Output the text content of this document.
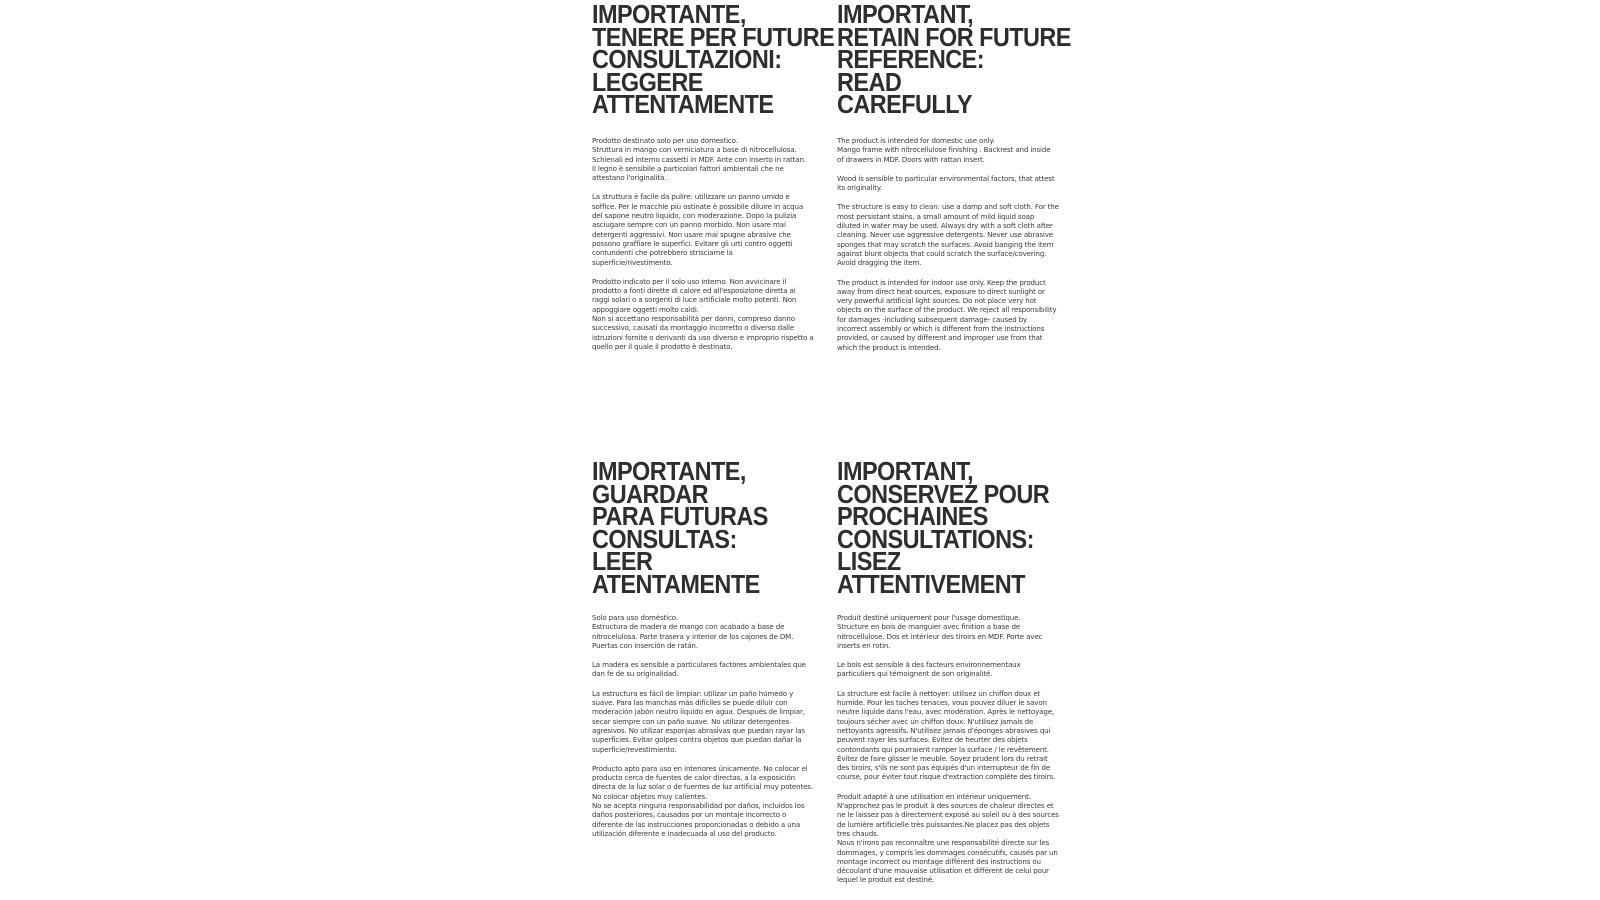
IMPORTANTE,
TENERE PER FUTURE
CONSULTAZIONI:
LEGGERE
ATTENTAMENTE

Prodotto destinato solo per uso domestico.
Struttura in mango con verniciatura a base di nitrocellulosa. Schienali ed interno cassetti in MDF. Ante con inserto in rattan.
Il legno è sensibile a particolari fattori ambientali che ne attestano l'originalità.

La struttura è facile da pulire: utilizzare un panno umido e soffice. Per le macchie più ostinate è possibile diluire in acqua del sapone neutro liquido, con moderazione. Dopo la pulizia asciugare sempre con un panno morbido. Non usare mai detergenti aggressivi. Non usare mai spugne abrasive che possono graffiare le superfici. Evitare gli urti contro oggetti contundenti che potrebbero strisciarne la superficie/rivestimento.

Prodotto indicato per il solo uso interno. Non avvicinare il prodotto a fonti dirette di calore ed all'esposizione diretta ai raggi solari o a sorgenti di luce artificiale molto potenti. Non appoggiare oggetti molto caldi.
Non si accettano responsabilità per danni, compreso danno successivo, causati da montaggio incorretto o diverso dalle istruzioni fornite o derivanti da uso diverso e improprio rispetto a quello per il quale il prodotto è destinato.

IMPORTANT,
RETAIN FOR FUTURE
REFERENCE:
READ
CAREFULLY

The product is intended for domestic use only.
Mango frame with nitrocellulose finishing . Backrest and inside of drawers in MDF. Doors with rattan insert.

Wood is sensible to particular environmental factors, that attest its originality.

The structure is easy to clean: use a damp and soft cloth. For the most persistant stains, a small amount of mild liquid soap diluted in water may be used. Always dry with a soft cloth after cleaning. Never use aggressive detergents. Never use abrasive sponges that may scratch the surfaces. Avoid banging the item against blunt objects that could scratch the surface/covering. Avoid dragging the item.

The product is intended for indoor use only. Keep the product away from direct heat sources, exposure to direct sunlight or very powerful artificial light sources. Do not place very hot objects on the surface of the product. We reject all responsibility for damages -including subsequent damage- caused by incorrect assembly or which is different from the instructions provided, or caused by different and improper use from that which the product is intended.

IMPORTANTE,
GUARDAR
PARA FUTURAS
CONSULTAS:
LEER
ATENTAMENTE

Solo para uso doméstico.
Estructura de madera de mango con acabado a base de nitrocelulosa. Parte trasera y interior de los cajones de DM. Puertas con inserción de ratán.

La madera es sensible a particulares factores ambientales que dan fe de su originalidad.

La estructura es fácil de limpiar: utilizar un paño húmedo y suave. Para las manchas más difíciles se puede diluir con moderación jabón neutro líquido en agua. Después de limpiar, secar siempre con un paño suave. No utilizar detergentes agresivos. No utilizar esponjas abrasivas que puedan rayar las superficies. Evitar golpes contra objetos que puedan dañar la superficie/revestimiento.

Producto apto para uso en interiores únicamente. No colocar el producto cerca de fuentes de calor directas, a la exposición directa de la luz solar o de fuentes de luz artificial muy potentes. No colocar objetos muy calientes.
No se acepta ninguna responsabilidad por daños, incluidos los daños posteriores, causados por un montaje incorrecto o diferente de las instrucciones proporcionadas o debido a una utilización diferente e inadecuada al uso del producto.

IMPORTANT,
CONSERVEZ POUR
PROCHAINES
CONSULTATIONS:
LISEZ
ATTENTIVEMENT

Produit destiné uniquement pour l'usage domestique.
Structure en bois de manguier avec finition a base de nitrocellulose. Dos et intérieur des tiroirs en MDF. Porte avec inserts en rotin.

Le bois est sensible à des facteurs environnementaux particuliers qui témoignent de son originalité.

La structure est facile à nettoyer: utilisez un chiffon doux et humide. Pour les taches tenaces, vous pouvez diluer le savon neutre liquide dans l'eau, avec modération. Après le nettoyage, toujours sécher avec un chiffon doux. N'utilisez jamais de nettoyants agressifs. N'utilisez jamais d'éponges abrasives qui peuvent rayer les surfaces. Évitez de heurter des objets contondants qui pourraient ramper la surface / le revêtement. Évitez de faire glisser le meuble. Soyez prudent lors du retrait des tiroirs, s'ils ne sont pas équipés d'un interrupteur de fin de course, pour éviter tout risque d'extraction complète des tiroirs.

Produit adapté à une utilisation en intérieur uniquement. N'approchez pas le produit à des sources de chaleur directes et ne le laissez pas à directement exposé au soleil ou à des sources de lumière artificielle très puissantes.Ne placez pas des objets tres chauds.
Nous n'irons pas reconnaître une responsabilité directe sur les dommages, y compris les dommages consécutifs, causés par un montage incorrect ou montage différent des instructions ou découlant d'une mauvaise utilisation et différent de celui pour lequel le produit est destiné.
